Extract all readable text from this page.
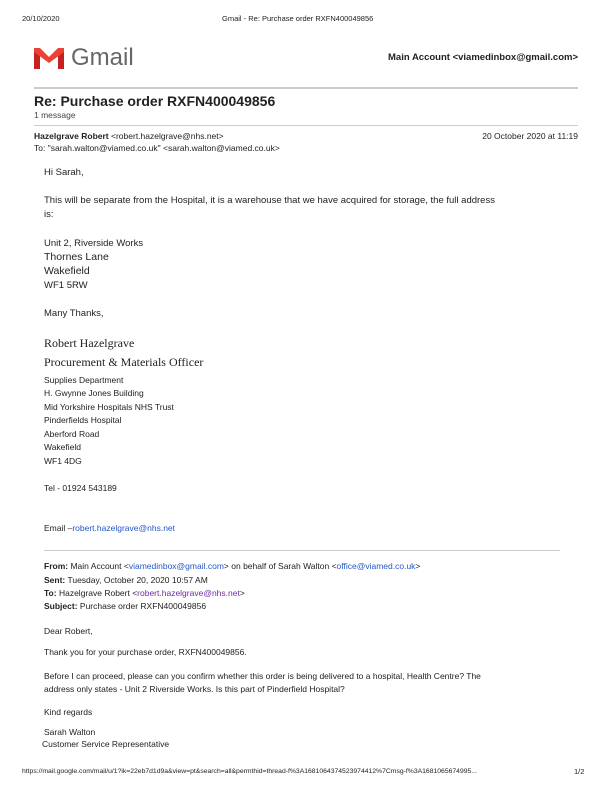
20/10/2020	Gmail - Re: Purchase order RXFN400049856
Gmail	Main Account <viamedinbox@gmail.com>
Re: Purchase order RXFN400049856
1 message
Hazelgrave Robert <robert.hazelgrave@nhs.net>	20 October 2020 at 11:19
To: "sarah.walton@viamed.co.uk" <sarah.walton@viamed.co.uk>
Hi Sarah,
This will be separate from the Hospital, it is a warehouse that we have acquired for storage, the full address
is:
Unit 2, Riverside Works
Thornes Lane
Wakefield
WF1 5RW
Many Thanks,
Robert Hazelgrave
Procurement & Materials Officer
Supplies Department
H. Gwynne Jones Building
Mid Yorkshire Hospitals NHS Trust
Pinderfields Hospital
Aberford Road
Wakefield
WF1 4DG
Tel - 01924 543189
Email –robert.hazelgrave@nhs.net
From: Main Account <viamedinbox@gmail.com> on behalf of Sarah Walton <office@viamed.co.uk>
Sent: Tuesday, October 20, 2020 10:57 AM
To: Hazelgrave Robert <robert.hazelgrave@nhs.net>
Subject: Purchase order RXFN400049856
Dear Robert,
Thank you for your purchase order, RXFN400049856.
Before I can proceed, please can you confirm whether this order is being delivered to a hospital, Health Centre? The
address only states - Unit 2 Riverside Works. Is this part of Pinderfield Hospital?
Kind regards
Sarah Walton
Customer Service Representative
https://mail.google.com/mail/u/1?ik=22eb7d1d9a&view=pt&search=all&permthid=thread-f%3A1681064374523974412%7Cmsg-f%3A1681065674995...	1/2
